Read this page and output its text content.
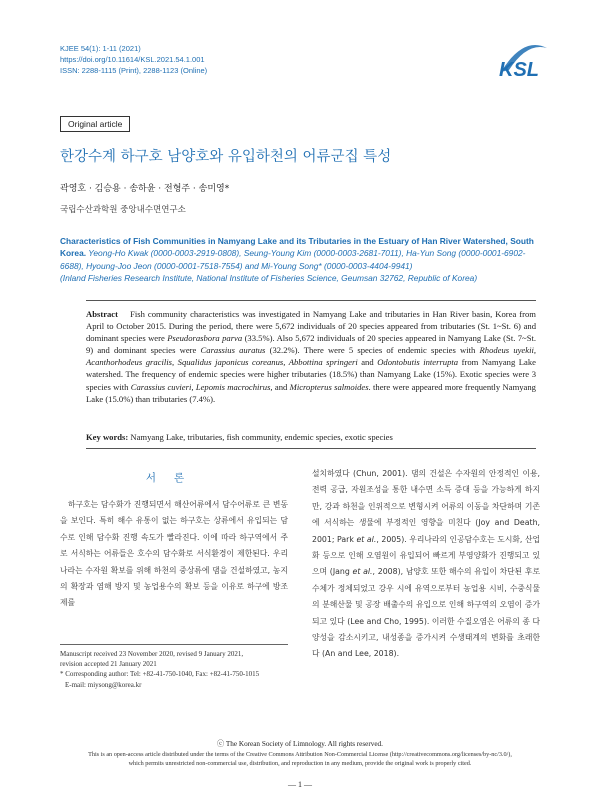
KJEE 54(1): 1-11 (2021)
https://doi.org/10.11614/KSL.2021.54.1.001
ISSN: 2288-1115 (Print), 2288-1123 (Online)	KSL
Original article
한강수계 하구호 남양호와 유입하천의 어류군집 특성
곽영호 · 김승용 · 송하윤 · 전형주 · 송미영*
국립수산과학원 중앙내수면연구소
Characteristics of Fish Communities in Namyang Lake and its Tributaries in the Estuary of Han River Watershed, South Korea. Yeong-Ho Kwak (0000-0003-2919-0808), Seung-Young Kim (0000-0003-2681-7011), Ha-Yun Song (0000-0001-6902-6688), Hyoung-Joo Jeon (0000-0001-7518-7554) and Mi-Young Song* (0000-0003-4404-9941)
(Inland Fisheries Research Institute, National Institute of Fisheries Science, Geumsan 32762, Republic of Korea)
Abstract Fish community characteristics was investigated in Namyang Lake and tributaries in Han River basin, Korea from April to October 2015. During the period, there were 5,672 individuals of 20 species appeared from tributaries (St. 1~St. 6) and dominant species were Pseudorasbora parva (33.5%). Also 5,672 individuals of 20 species appeared in Namyang Lake (St. 7~St. 9) and dominant species were Carassius auratus (32.2%). There were 5 species of endemic species with Rhodeus uyekii, Acanthorhodeus gracilis, Squalidus japonicus coreanus, Abbottina springeri and Odontobutis interrupta from Namyang Lake watershed. The frequency of endemic species were higher tributaries (18.5%) than Namyang Lake (15%). Exotic species were 3 species with Carassius cuvieri, Lepomis macrochirus, and Micropterus salmoides. there were appeared more frequently Namyang Lake (15.0%) than tributaries (7.4%).
Key words: Namyang Lake, tributaries, fish community, endemic species, exotic species
서론
하구호는 담수화가 진행되면서 해산어류에서 담수어류로 큰 변동을 보인다. 특히 해수 유통이 없는 하구호는 상류에서 유입되는 담수로 인해 담수화 진행 속도가 빨라진다. 이에 따라 하구역에서 주로 서식하는 어류들은 호수의 담수화로 서식환경이 제한된다. 우리나라는 수자원 확보를 위해 하천의 중상류에 댐을 건설하였고, 농지의 확장과 염해 방지 및 농업용수의 확보 등을 이유로 하구에 방조제를
설치하였다 (Chun, 2001). 댐의 건설은 수자원의 안정적인 이용, 전력 공급, 자원조성을 통한 내수면 소득 증대 등을 가능하게 하지만, 강과 하천을 인위적으로 변형시켜 어류의 이동을 차단하며 기존에 서식하는 생물에 부정적인 영향을 미친다 (Joy and Death, 2001; Park et al., 2005). 우리나라의 인공담수호는 도시화, 산업화 등으로 인해 오염원이 유입되어 빠르게 부영양화가 진행되고 있으며 (Jang et al., 2008), 남양호 또한 해수의 유입이 차단된 후로 수체가 정체되었고 강우 시에 유역으로부터 농업용 시비, 수중식물의 분해산물 및 공장 배출수의 유입으로 인해 하구역의 오염이 증가되고 있다 (Lee and Cho, 1995). 이러한 수질오염은 어류의 종 다양성을 감소시키고, 내성종을 증가시켜 수생태계의 변화를 초래한다 (An and Lee, 2018).
Manuscript received 23 November 2020, revised 9 January 2021,
revision accepted 21 January 2021
* Corresponding author: Tel: +82-41-750-1040, Fax: +82-41-750-1015
E-mail: miysong@korea.kr
ⓒ The Korean Society of Limnology. All rights reserved.
This is an open-access article distributed under the terms of the Creative Commons Attribution Non-Commercial License (http://creativecommons.org/licenses/by-nc/3.0/),
which permits unrestricted non-commercial use, distribution, and reproduction in any medium, provide the original work is properly cited.
— 1 —
